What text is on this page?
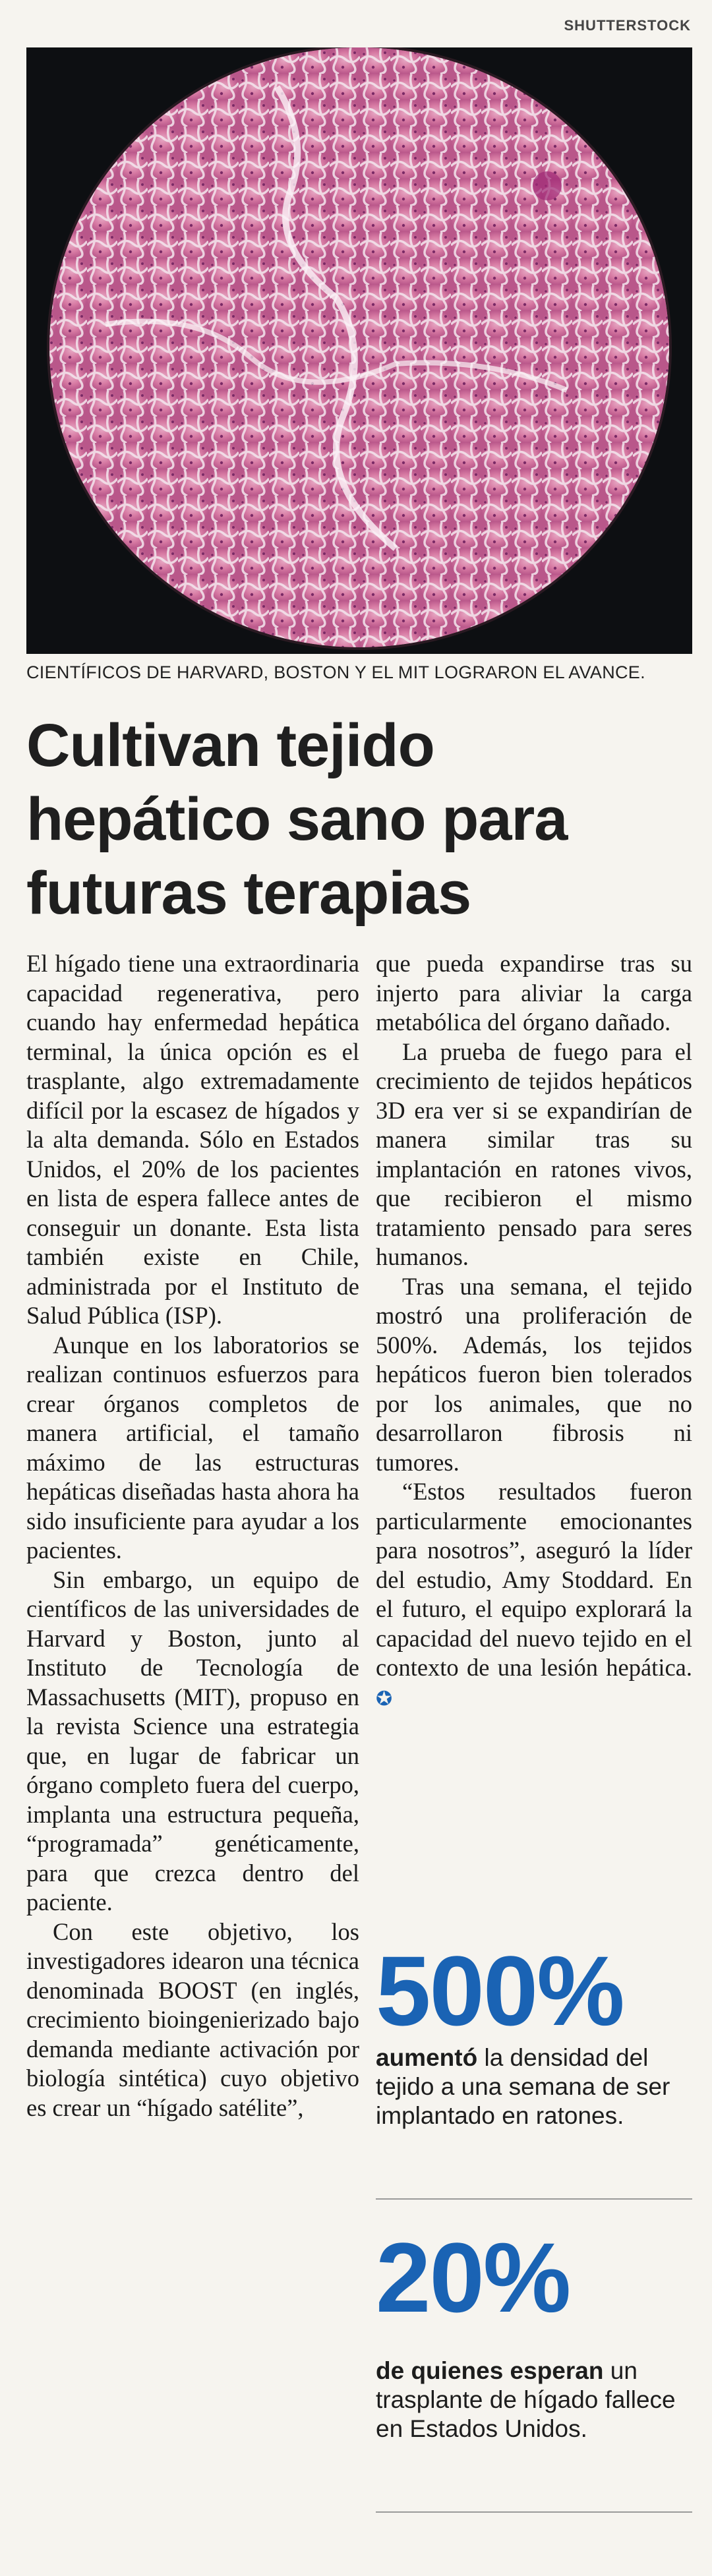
SHUTTERSTOCK
CIENTÍFICOS DE HARVARD, BOSTON Y EL MIT LOGRARON EL AVANCE.
Cultivan tejido hepático sano para futuras terapias

El hígado tiene una extraordinaria capacidad regenerativa, pero cuando hay enfermedad hepática terminal, la única opción es el trasplante, algo extremadamente difícil por la escasez de hígados y la alta demanda. Sólo en Estados Unidos, el 20% de los pacientes en lista de espera fallece antes de conseguir un donante. Esta lista también existe en Chile, administrada por el Instituto de Salud Pública (ISP).

Aunque en los laboratorios se realizan continuos esfuerzos para crear órganos completos de manera artificial, el tamaño máximo de las estructuras hepáticas diseñadas hasta ahora ha sido insuficiente para ayudar a los pacientes.

Sin embargo, un equipo de científicos de las universidades de Harvard y Boston, junto al Instituto de Tecnología de Massachusetts (MIT), propuso en la revista Science una estrategia que, en lugar de fabricar un órgano completo fuera del cuerpo, implanta una estructura pequeña, “programada” genéticamente, para que crezca dentro del paciente.

Con este objetivo, los investigadores idearon una técnica denominada BOOST (en inglés, crecimiento bioingenierizado bajo demanda mediante activación por biología sintética) cuyo objetivo es crear un “hígado satélite”,

que pueda expandirse tras su injerto para aliviar la carga metabólica del órgano dañado.

La prueba de fuego para el crecimiento de tejidos hepáticos 3D era ver si se expandirían de manera similar tras su implantación en ratones vivos, que recibieron el mismo tratamiento pensado para seres humanos.

Tras una semana, el tejido mostró una proliferación de 500%. Además, los tejidos hepáticos fueron bien tolerados por los animales, que no desarrollaron fibrosis ni tumores.

“Estos resultados fueron particularmente emocionantes para nosotros”, aseguró la líder del estudio, Amy Stoddard. En el futuro, el equipo explorará la capacidad del nuevo tejido en el contexto de una lesión hepática. ✪

500%
aumentó la densidad del tejido a una semana de ser implantado en ratones.
20%
de quienes esperan un trasplante de hígado fallece en Estados Unidos.
